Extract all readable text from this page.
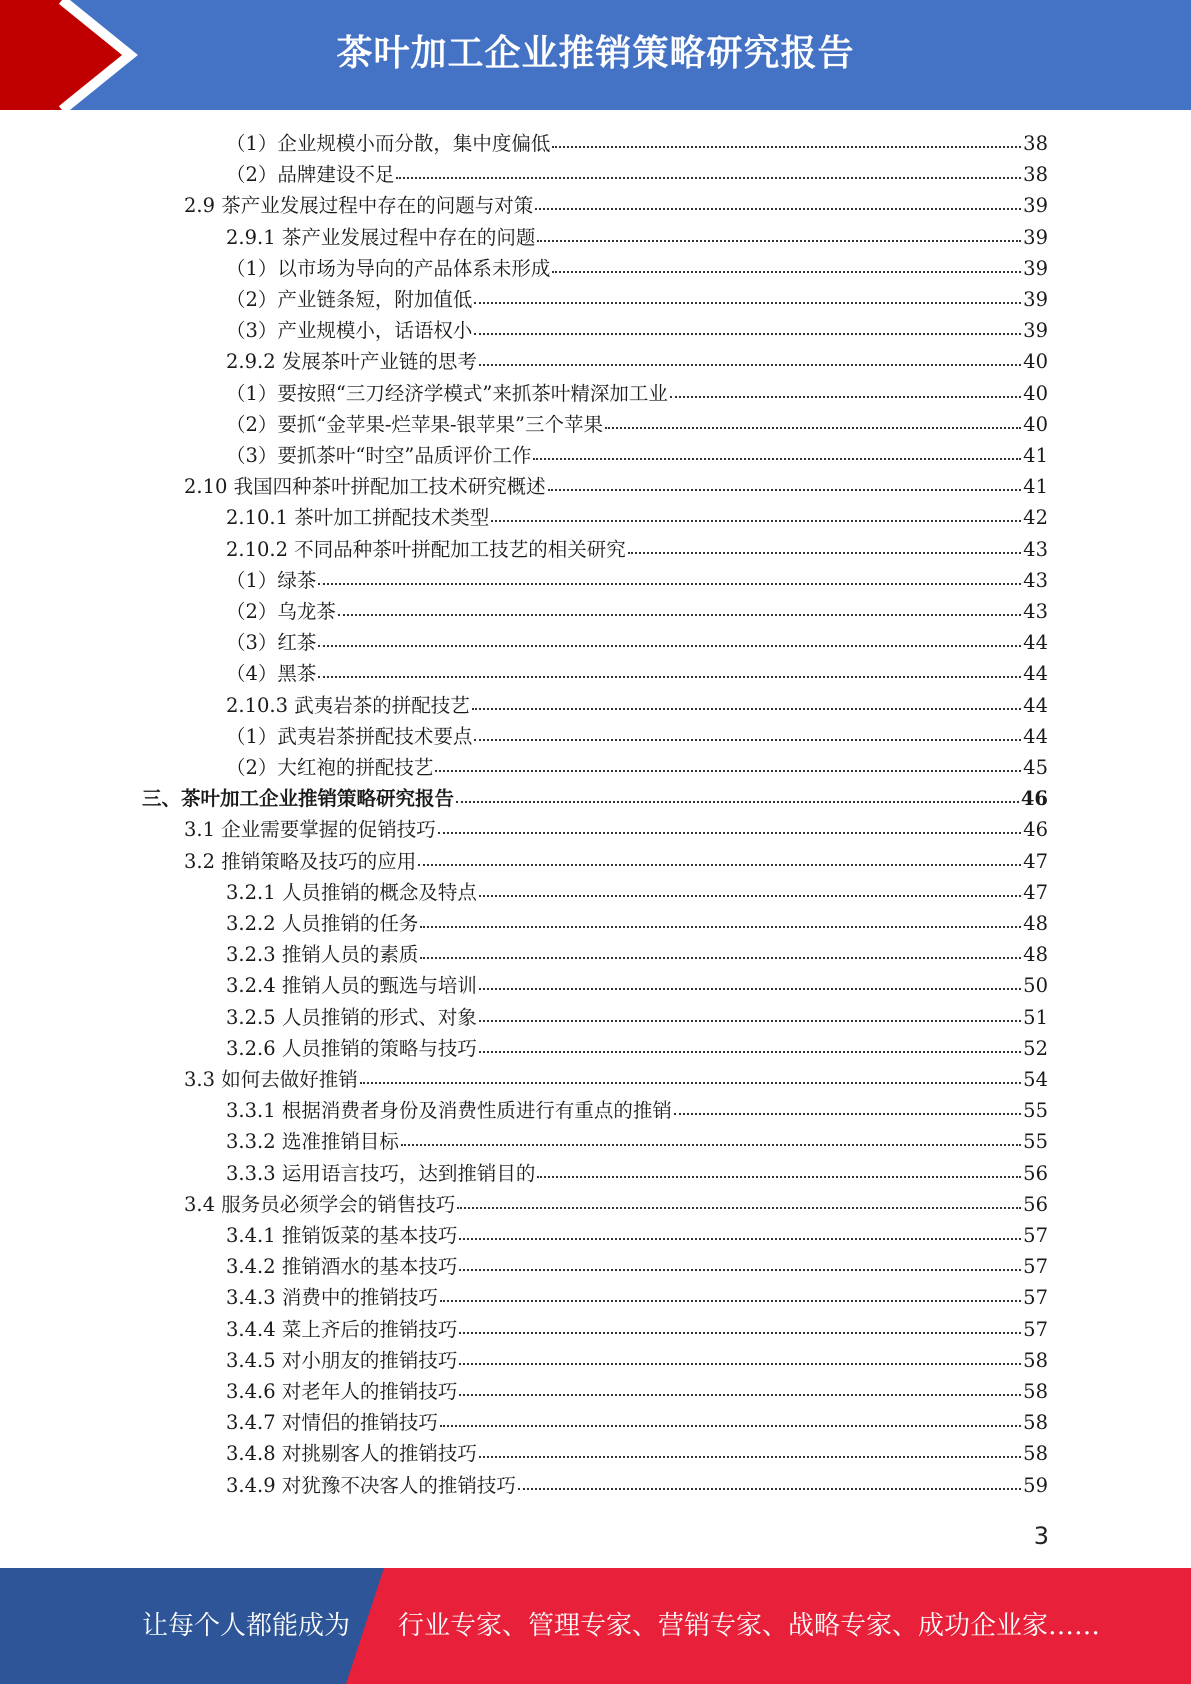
茶叶加工企业推销策略研究报告
（1）企业规模小而分散，集中度偏低	38
（2）品牌建设不足	38
2.9 茶产业发展过程中存在的问题与对策	39
2.9.1 茶产业发展过程中存在的问题	39
（1）以市场为导向的产品体系未形成	39
（2）产业链条短，附加值低	39
（3）产业规模小，话语权小	39
2.9.2 发展茶叶产业链的思考	40
（1）要按照“三刀经济学模式”来抓茶叶精深加工业	40
（2）要抓“金苹果-烂苹果-银苹果”三个苹果	40
（3）要抓茶叶“时空”品质评价工作	41
2.10 我国四种茶叶拼配加工技术研究概述	41
2.10.1 茶叶加工拼配技术类型	42
2.10.2 不同品种茶叶拼配加工技艺的相关研究	43
（1）绿茶	43
（2）乌龙茶	43
（3）红茶	44
（4）黑茶	44
2.10.3 武夷岩茶的拼配技艺	44
（1）武夷岩茶拼配技术要点	44
（2）大红袍的拼配技艺	45
三、茶叶加工企业推销策略研究报告	46
3.1 企业需要掌握的促销技巧	46
3.2 推销策略及技巧的应用	47
3.2.1 人员推销的概念及特点	47
3.2.2 人员推销的任务	48
3.2.3 推销人员的素质	48
3.2.4 推销人员的甄选与培训	50
3.2.5 人员推销的形式、对象	51
3.2.6 人员推销的策略与技巧	52
3.3 如何去做好推销	54
3.3.1 根据消费者身份及消费性质进行有重点的推销	55
3.3.2 选准推销目标	55
3.3.3 运用语言技巧，达到推销目的	56
3.4 服务员必须学会的销售技巧	56
3.4.1 推销饭菜的基本技巧	57
3.4.2 推销酒水的基本技巧	57
3.4.3 消费中的推销技巧	57
3.4.4 菜上齐后的推销技巧	57
3.4.5 对小朋友的推销技巧	58
3.4.6 对老年人的推销技巧	58
3.4.7 对情侣的推销技巧	58
3.4.8 对挑剔客人的推销技巧	58
3.4.9 对犹豫不决客人的推销技巧	59
3
让每个人都能成为 行业专家、管理专家、营销专家、战略专家、成功企业家……
